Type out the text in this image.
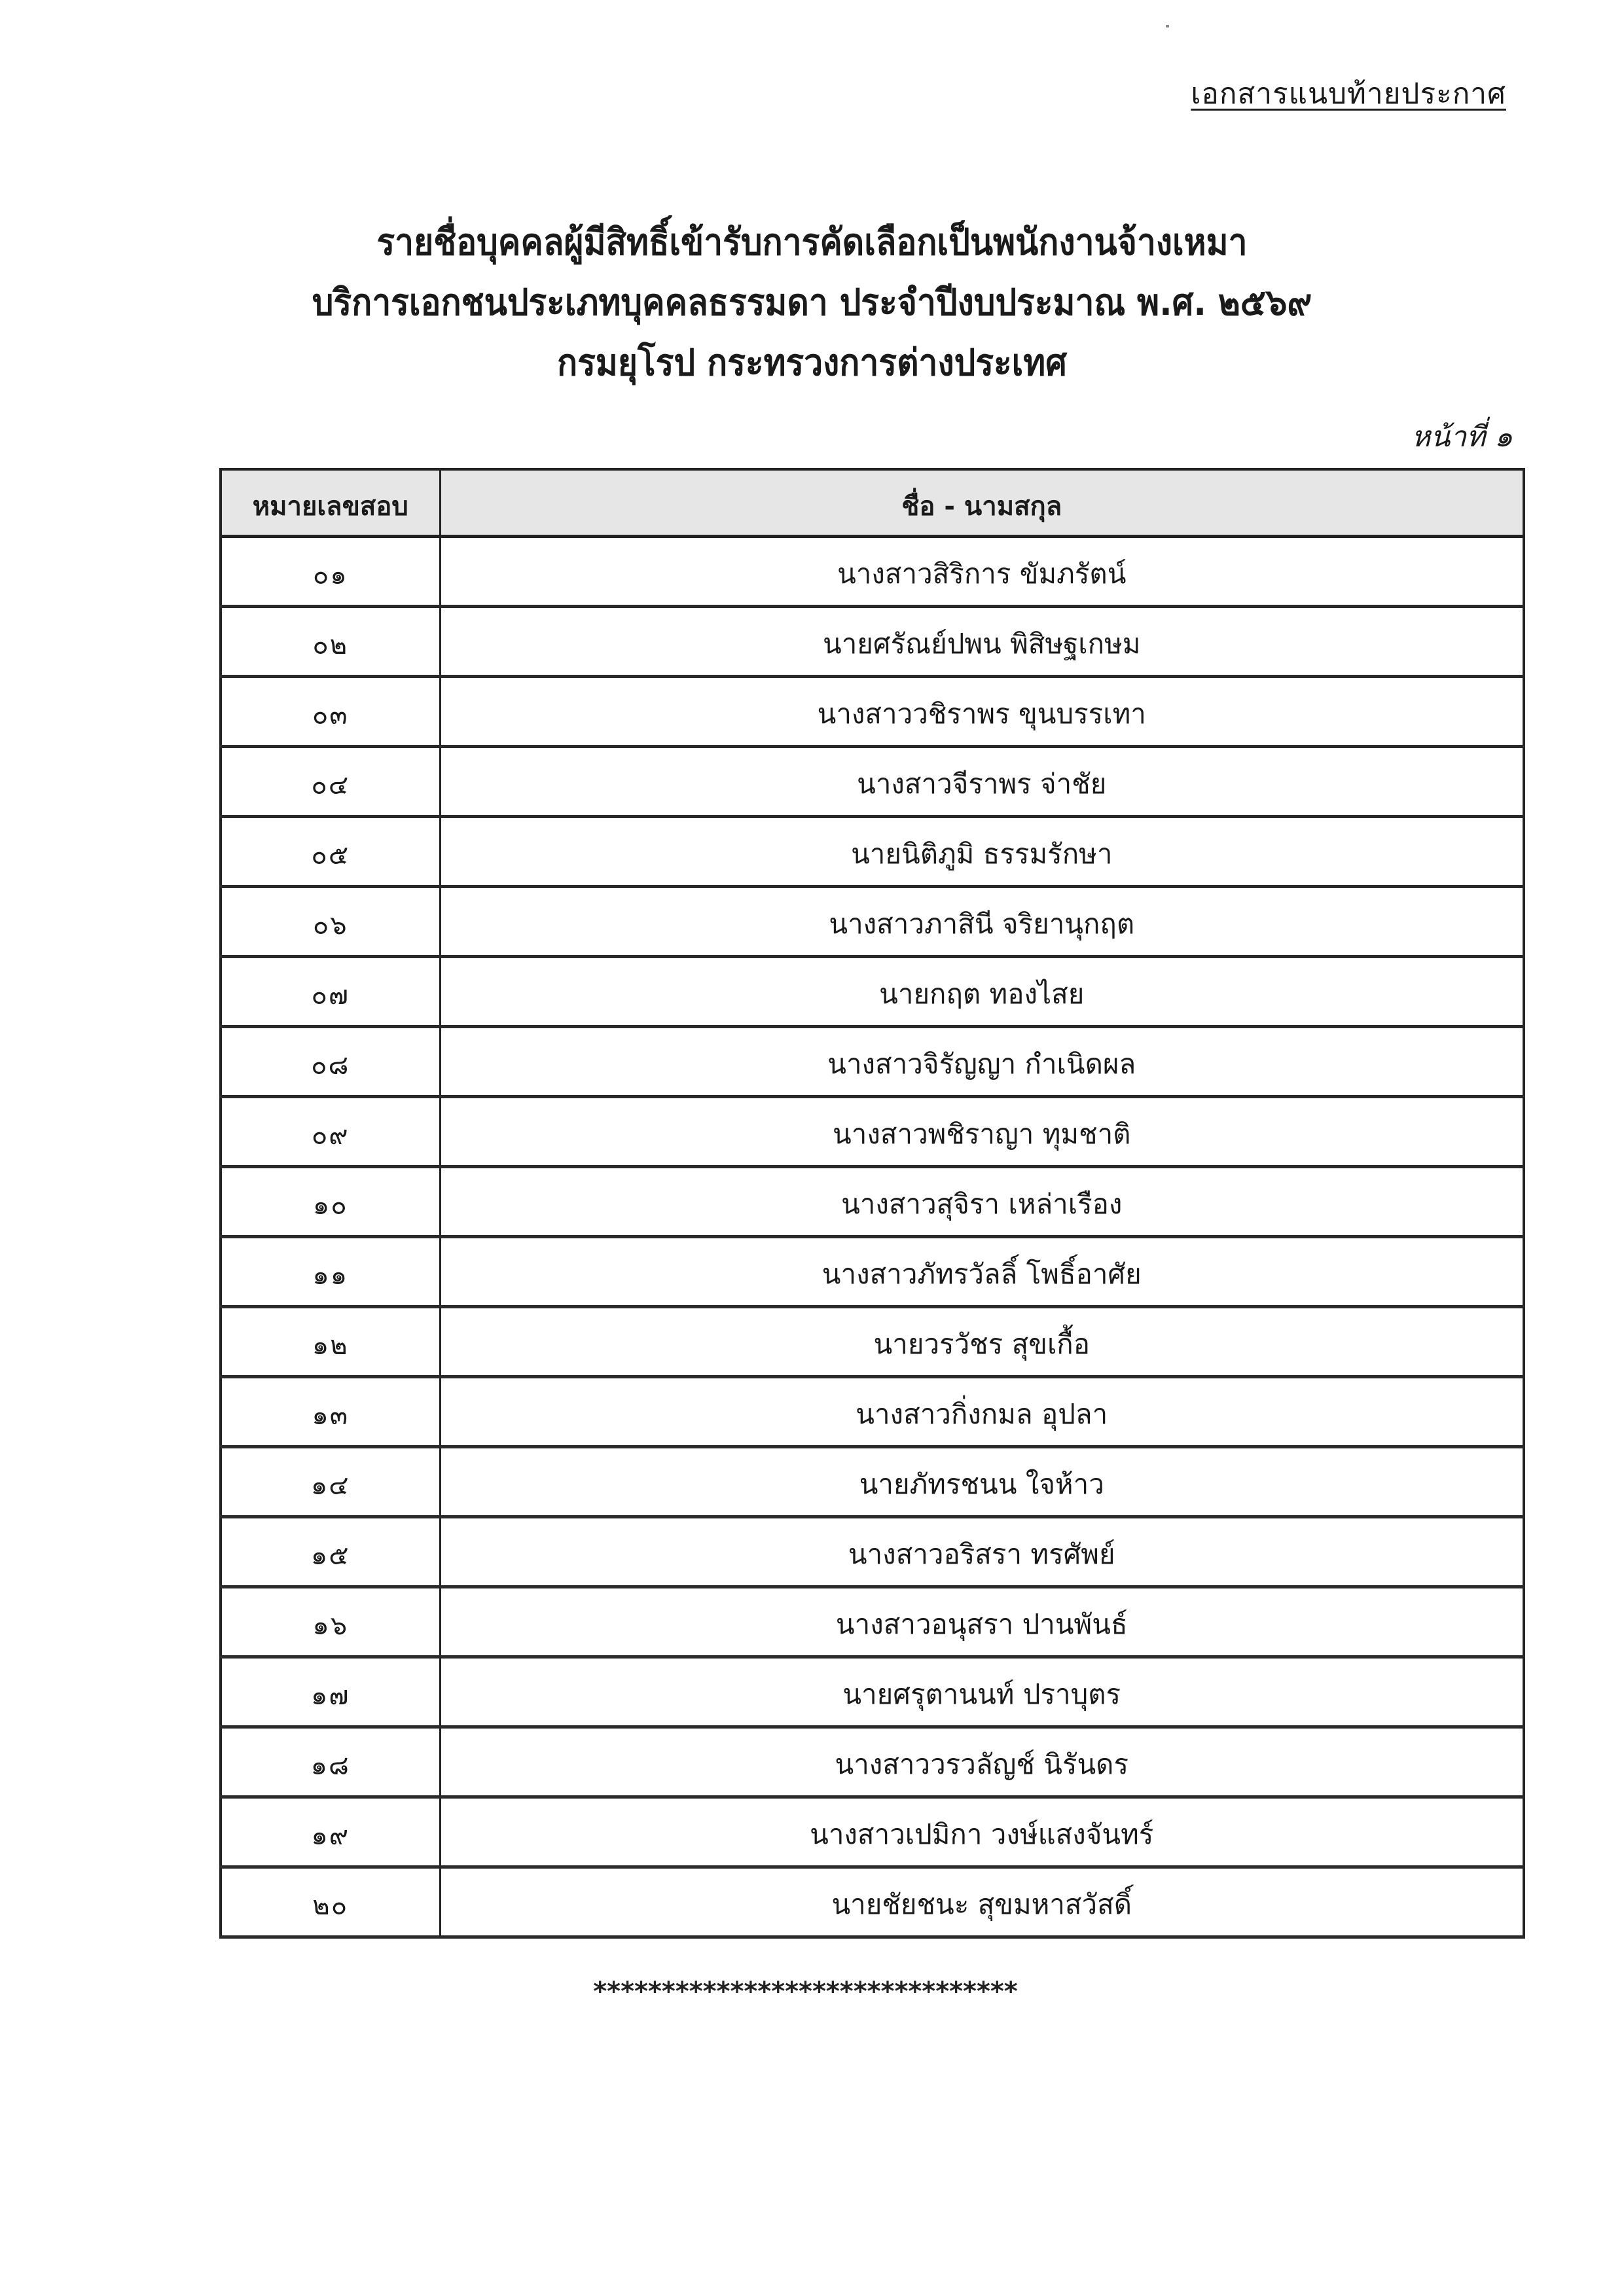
เอกสารแนบท้ายประกาศ
รายชื่อบุคคลผู้มีสิทธิ์เข้ารับการคัดเลือกเป็นพนักงานจ้างเหมา
บริการเอกชนประเภทบุคคลธรรมดา ประจำปีงบประมาณ พ.ศ. ๒๕๖๙
กรมยุโรป กระทรวงการต่างประเทศ
หน้าที่ ๑
หมายเลขสอบ	ชื่อ - นามสกุล
๐๑	นางสาวสิริการ ขัมภรัตน์
๐๒	นายศรัณย์ปพน พิสิษฐเกษม
๐๓	นางสาววชิราพร ขุนบรรเทา
๐๔	นางสาวจีราพร จ่าชัย
๐๕	นายนิติภูมิ ธรรมรักษา
๐๖	นางสาวภาสินี จริยานุกฤต
๐๗	นายกฤต ทองไสย
๐๘	นางสาวจิรัญญา กำเนิดผล
๐๙	นางสาวพชิราญา ทุมชาติ
๑๐	นางสาวสุจิรา เหล่าเรือง
๑๑	นางสาวภัทรวัลลิ์ โพธิ์อาศัย
๑๒	นายวรวัชร สุขเกื้อ
๑๓	นางสาวกิ่งกมล อุปลา
๑๔	นายภัทรชนน ใจห้าว
๑๕	นางสาวอริสรา ทรศัพย์
๑๖	นางสาวอนุสรา ปานพันธ์
๑๗	นายศรุตานนท์ ปราบุตร
๑๘	นางสาววรวลัญช์ นิรันดร
๑๙	นางสาวเปมิกา วงษ์แสงจันทร์
๒๐	นายชัยชนะ สุขมหาสวัสดิ์
*******************************
